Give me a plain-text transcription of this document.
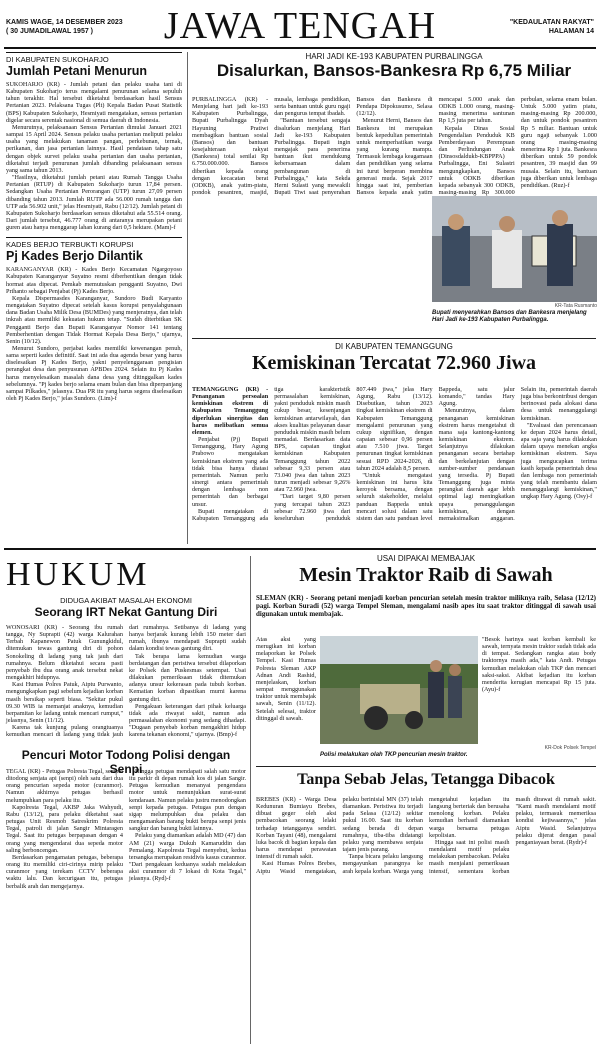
KAMIS WAGE, 14 DESEMBER 2023
( 30 JUMADILAWAL 1957 )	JAWA TENGAH	"KEDAULATAN RAKYAT"
HALAMAN 14
DI KABUPATEN SUKOHARJO
Jumlah Petani Menurun

SUKOHARJO (KR) - Jumlah petani dan pelaku usaha tani di Kabupaten Sukoharjo terus mengalami penurunan selama sepuluh tahun terakhir. Hal tersebut diketahui berdasarkan hasil Sensus Pertanian 2023. Pelaksana Tugas (Plt) Kepala Badan Pusat Statistik (BPS) Kabupaten Sukoharjo, Hesmiyati mengatakan, sensus pertanian digelar secara serentak nasional di semua daerah di Indonesia.

Menurutnya, pelaksanaan Sensus Pertanian dimulai Januari 2021 sampai 15 April 2024. Sensus pelaku usaha pertanian meliputi pelaku usaha yang melakukan tanaman pangan, perkebunan, ternak, perikanan, dan jasa pertanian lainnya. Hasil pendataan tahap satu dengan objek survei pelaku usaha pertanian dan usaha pertanian, diketahui terjadi penurunan jumlah dibanding pelaksanaan sensus yang sama tahun 2013.

"Hasilnya, diketahui jumlah petani atau Rumah Tangga Usaha Pertanian (RTUP) di Kabupaten Sukoharjo turun 17,84 persen. Sedangkan Usaha Pertanian Perorangan (UTP) turun 27,09 persen dibanding tahun 2013. Jumlah RUTP ada 56.000 rumah tangga dan UTP ada 56.902 unit," jelas Hesmiyati, Rabu (12/12). Jumlah petani di Kabupaten Sukoharjo berdasarkan sensus diketahui ada 55.514 orang. Dari jumlah tersebut, 46.777 orang di antaranya merupakan petani guren atau hanya menggarap lahan kurang dari 0,5 hektare. (Mam)-f

KADES BERJO TERBUKTI KORUPSI
Pj Kades Berjo Dilantik

KARANGANYAR (KR) - Kades Berjo Kecamatan Ngargoyoso Kabupaten Karanganyar Suyatno resmi diberhentikan dengan tidak hormat atas dipecat. Pemkab memutuskan pengganti Suyatno, Dwi Prihanto sebagai Penjabat (Pj) Kades Berjo.

Kepala Dispermasdes Karanganyar, Sundoro Budi Karyanto mengatakan Suyatno dipecat setelah kasus korupsi penyalahgunaan dana Badan Usaha Milik Desa (BUMDes) yang menjeratnya, dan telah inkrah atau memiliki kekuatan hukum tetap. "Sudah diterbitkan SK Pengganti Berjo dan Bupati Karanganyar Nomor 141 tentang Pemberhentian dengan Tidak Hormat Kepala Desa Berjo," ujarnya, Senin (10/12).

Menurut Sundoro, perjabat kades memiliki kewenangan penuh, sama seperti kades definitif. Saat ini ada dua agenda besar yang harus diselesaikan Pj Kades Berjo, yakni penyelenggaraan pengisian perangkat desa dan penyusunan APBDes 2024. Selain itu Pj Kades harus menyelesaikan masalah dana desa yang ditinggalkan kades sebelumnya. "Pj kades berjo selama enam bulan dan bisa diperpanjang sampai Pilkades," jelasnya. Dua PR itu yang harus segera diselesaikan oleh Pj Kades Berjo," jelas Sundoro. (Lim)-f

HARI JADI KE-193 KABUPATEN PURBALINGGA
Disalurkan, Bansos-Bankesra Rp 6,75 Miliar

PURBALINGGA (KR) - Menjelang hari jadi ke-193 Kabupaten Purbalingga, Bupati Purbalingga Dyah Hayuning Pratiwi membagikan bantuan sosial (Bansos) dan bantuan kesejahteraan rakyat (Bankesra) total senilai Rp 6.750.000.000. Bansos diberikan kepada orang dengan kecacatan berat (ODKB), anak yatim-piatu, pondok pesantren, masjid, musala, lembaga pendidikan, serta bantuan untuk guru ngaji dan pengurus tempat ibadah.

"Bantuan tersebut sengaja disalurkan menjelang Hari Jadi ke-193 Kabupaten Purbalingga. Bupati ingin mengajak para penerima bantuan ikut mendukung kebersamaan dalam pembangunan di Purbalingga," kata Sekda Herni Sulasti yang mewakili Bupati Tiwi saat penyerahan Bansos dan Bankesra di Pendapa Dipokusumo, Selasa (12/12).

Menurut Herni, Bansos dan Bankesra ini merupakan bentuk kepedulian pemerintah untuk memperhatikan warga yang kurang mampu. Termasuk lembaga keagamaan dan pendidikan yang selama ini turut berperan membina generasi muda. Sejak 2017 hingga saat ini, pemberian Bansos kepada anak yatim mencapai 5.000 anak dan ODKB 1.000 orang, masing-masing menerima santunan Rp 1,5 juta per tahun.

Kepala Dinas Sosial Pengendalian Penduduk KB Pemberdayaan Perempuan dan Perlindungan Anak (Dinsosdaldukb-KBPPPA) Purbalingga, Eni Sulastri mengungkapkan, Bansos untuk ODKB diberikan kepada sebanyak 300 ODKB, masing-masing Rp 300.000 perbulan, selama enam bulan. Untuk 5.000 yatim piatu, masing-masing Rp 200.000, dan untuk pondok pesantren Rp 5 miliar. Bantuan untuk guru ngaji sebanyak 1.000 orang masing-masing menerima Rp 1 juta. Bankesra diberikan untuk 59 pondok pesantren, 39 masjid dan 99 musala. Selain itu, bantuan juga diberikan untuk lembaga pendidikan. (Ruz)-f

KR-Tata Rusmanto
Bupati menyerahkan Bansos dan Bankesra menjelang Hari Jadi ke-193 Kabupaten Purbalingga.
DI KABUPATEN TEMANGGUNG
Kemiskinan Tercatat 72.960 Jiwa

TEMANGGUNG (KR) - Penanganan persoalan kemiskinan ekstrem di Kabupaten Temanggung diperlukan sinergitas dan harus melibatkan semua elemen.

Penjabat (Pj) Bupati Temanggung, Hary Agung Prabowo mengatakan kemiskinan ekstrem yang ada tidak bisa hanya diatasi pemerintah. Namun perlu sinergi antara pemerintah dengan lembaga non pemerintah dan berbagai unsur.

Bupati mengatakan di Kabupaten Temanggung ada tiga karakteristik permasalahan kemiskinan, yakni penduduk miskin masih cukup besar, kesenjangan kemiskinan antarwilayah, dan akses kualitas pelayanan dasar penduduk miskin masih belum memadai. Berdasarkan data BPS, capaian tingkat kemiskinan Kabupaten Temanggung tahun 2022 sebesar 9,33 persen atau 73.040 jiwa dan tahun 2023 turun menjadi sebesar 9,26% atau 72.960 jiwa.

"Dari target 9,80 persen yang tercapai tahun 2023 sebesar 72.960 jiwa dari keseluruhan penduduk 807.449 jiwa," jelas Hary Agung, Rabu (13/12). Disebutkan, tahun 2023 tingkat kemiskinan ekstrem di Kabupaten Temanggung mengalami penurunan yang cukup signifikan, dengan capaian sebesar 0,96 persen atau 7.510 jiwa. Target penurunan tingkat kemiskinan sesuai RPD 2024-2026, di tahun 2024 adalah 8,5 persen.

"Untuk mengatasi kemiskinan ini harus kita keroyok bersama, dengan seluruh stakeholder, melalui panduan Bappeda untuk mencari solusi dalam satu sistem dan satu panduan level Bappeda, satu jalur komando," tandas Hary Agung.

Menurutnya, dalam penanganan kemiskinan ekstrem harus mengetahui di mana saja kantong-kantong kemiskinan ekstrem. Selanjutnya dilakukan penanganan secara bertahap dan berkelanjutan dengan sumber-sumber pendanaan yang tersedia. Pj Bupati Temanggung juga minta perangkat daerah agar lebih optimal lagi meningkatkan upaya penanggulangan kemiskinan, dengan memaksimalkan anggaran. Selain itu, pemerintah daerah juga bisa berkontribusi dengan berinovasi pada alokasi dana desa untuk menanggulangi kemiskinan.

"Evaluasi dan perencanaan ke depan 2024 harus detail, apa saja yang harus dilakukan dalam upaya menekan angka kemiskinan ekstrem. Saya juga mengucapkan terima kasih kepada pemerintah desa dan lembaga non pemerintah yang telah membantu dalam menanggulangi kemiskinan," ungkap Hary Agung. (Osy)-f

HUKUM
DIDUGA AKIBAT MASALAH EKONOMI
Seorang IRT Nekat Gantung Diri

WONOSARI (KR) - Seorang ibu rumah tangga, Ny Suprapti (42) warga Kalurahan Terbah Kapanewon Patuk Gunungkidul, ditemukan tewas gantung diri di pohon Sonokeling di ladang yang tak jauh dari rumahnya. Belum diketahui secara pasti penyebab ibu dua orang anak tersebut nekat mengakhiri hidupnya.

Kasi Humas Polres Patuk, Aiptu Purwanto, mengungkapkan pagi sebelum kejadian korban masih bersikap seperti biasa. "Sekitar pukul 09.30 WIB ia memanjat anaknya, kemudian berpamitan ke ladang untuk mencari rumput," jelasnya, Senin (11/12).

Karena tak kunjung pulang orangtuanya kemudian mencari di ladang yang tidak jauh dari rumahnya. Setibanya di ladang yang hanya berjarak kurang lebih 150 meter dari rumah, ibunya mendapati Suprapti sudah dalam kondisi tewas gantung diri.

Tak berapa lama kemudian warga berdatangan dan peristiwa tersebut dilaporkan ke Polsek dan Puskesmas setempat. Usai dilakukan pemeriksaan tidak ditemukan adanya unsur kekerasan pada tubuh korban. Kematian korban dipastikan murni karena gantung diri.

Pengakuan keterangan dari pihak keluarga tidak ada riwayat sakit, namun ada permasalahan ekonomi yang sedang dihadapi. "Dugaan penyebab korban mengakhiri hidup karena tekanan ekonomi," ujarnya. (Bmp)-f

Pencuri Motor Todong Polisi dengan Senpi

TEGAL (KR) - Petugas Polresta Tegal, sempat ditodong senjata api (senpi) oleh satu dari dua orang pencurian sepeda motor (curanmor). Namun akhirnya petugas berhasil melumpuhkan para pelaku itu.

Kapolresta Tegal, AKBP Jaka Wahyudi, Rabu (13/12), para pelaku diketahui saat petugas Unit Resmob Satreskrim Polresta Tegal, patroli di jalan Sangir Mintaragen Tegal. Saat itu petugas berpapasan dengan 4 orang yang mengendarai dua sepeda motor saling berboncengan.

Berdasarkan pengamatan petugas, beberapa orang itu memiliki ciri-cirinya mirip pelaku curanmor yang terekam CCTV beberapa waktu lalu. Dan kecurigaan itu, petugas berbalik arah dan mengejarnya.

Hingga petugas mendapati salah satu motor itu parkir di depan rumah kos di jalan Sangir. Petugas kemudian menanyai pengendara motor untuk menunjukkan surat-surat kendaraan. Namun pelaku justru menodongkan senpi kepada petugas. Petugas pun dengan sigap melumpuhkan dua pelaku dan mengamankan barang bukti berupa senpi jenis sangkur dan barang bukti lainnya.

Pelaku yang diamankan adalah MD (47) dan AM (21) warga Dukuh Kamaruddin dan Pemalang. Kapolresta Tegal menyebut, kedua tersangka merupakan residivis kasus curanmor. "Dari pengakuan keduanya sudah melakukan aksi curanmor di 7 lokasi di Kota Tegal," jelasnya. (Ryd)-f

USAI DIPAKAI MEMBAJAK
Mesin Traktor Raib di Sawah

SLEMAN (KR) - Seorang petani menjadi korban pencurian setelah mesin traktor miliknya raib, Selasa (12/12) pagi. Korban Suradi (52) warga Tempel Sleman, mengalami nasib apes itu saat traktor ditinggal di sawah usai digunakan untuk membajak.

Atas aksi yang merugikan ini korban melaporkan ke Polsek Tempel. Kasi Humas Polresta Sleman AKP Adnan Andi Rashid, menjelaskan, korban sempat menggunakan traktor untuk membajak sawah, Senin (11/12). Setelah selesai, traktor ditinggal di sawah.

"Besok harinya saat korban kembali ke sawah, ternyata mesin traktor sudah tidak ada di tempat. Sedangkan rangka atau body traktornya masih ada," kata Andi. Petugas kemudian melakukan olah TKP dan mencari saksi-saksi. Akibat kejadian itu korban menderita kerugian mencapai Rp 15 juta. (Ayu)-f

KR-Dok Polsek Tempel
Polisi melakukan olah TKP pencurian mesin traktor.
Tanpa Sebab Jelas, Tetangga Dibacok

BREBES (KR) - Warga Desa Kedunuran Bumiayu Brebes, dibuat geger oleh aksi pembacokan seorang lelaki terhadap tetangganya sendiri. Korban Tayani (48), mengalami luka bacok di bagian kepala dan harus mendapat perawatan intensif di rumah sakit.

Kasi Humas Polres Brebes, Aiptu Wasid mengatakan, pelaku berinisial MN (37) telah diamankan. Peristiwa itu terjadi pada Selasa (12/12) sekitar pukul 16.00. Saat itu korban sedang berada di depan rumahnya, tiba-tiba didatangi pelaku yang membawa senjata tajam jenis parang.

Tanpa bicara pelaku langsung mengayunkan parangnya ke arah kepala korban. Warga yang mengetahui kejadian itu langsung berteriak dan berusaha menolong korban. Pelaku kemudian berhasil diamankan warga bersama petugas kepolisian.

Hingga saat ini polisi masih mendalami motif pelaku melakukan pembacokan. Pelaku masih menjalani pemeriksaan intensif, sementara korban masih dirawat di rumah sakit. "Kami masih mendalami motif pelaku, termasuk memeriksa kondisi kejiwaannya," jelas Aiptu Wasid. Selanjutnya pelaku dijerat dengan pasal penganiayaan berat. (Rydr)-f
